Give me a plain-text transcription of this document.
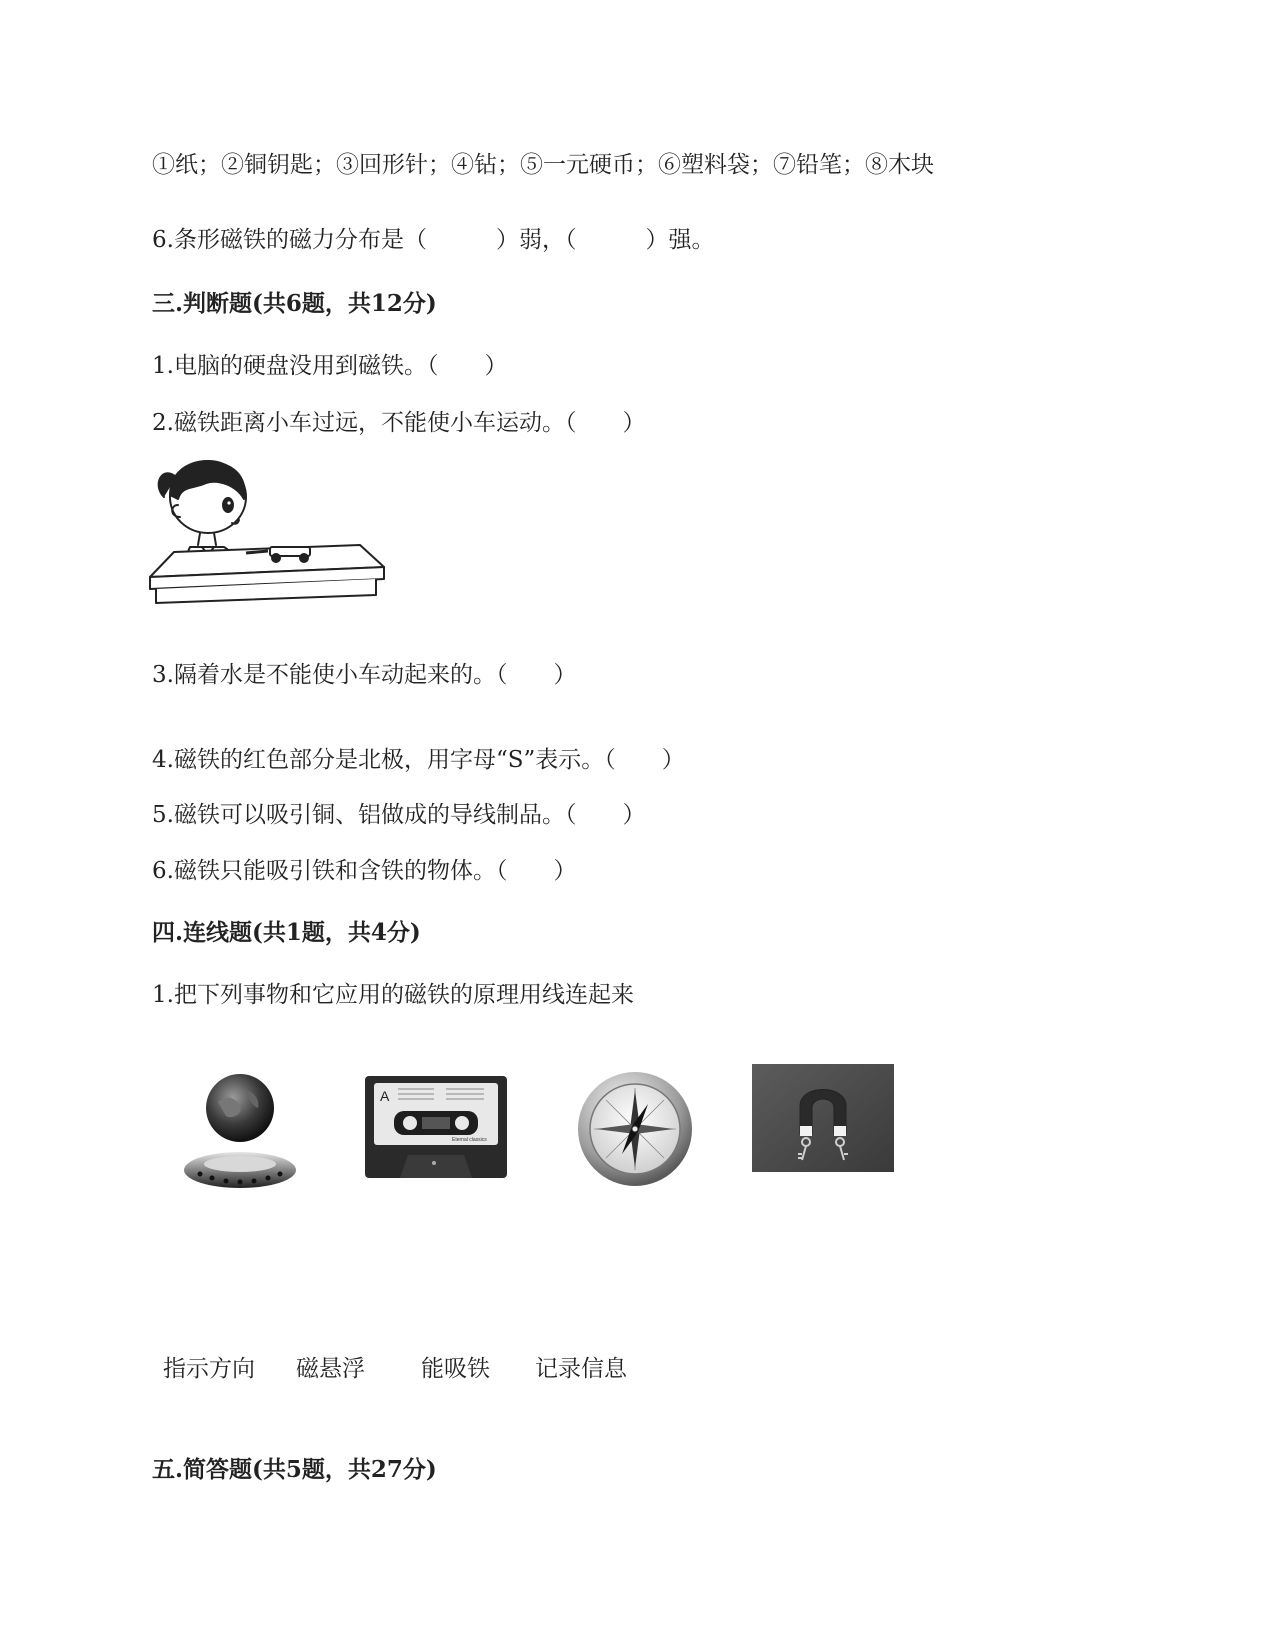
①纸；②铜钥匙；③回形针；④钻；⑤一元硬币；⑥塑料袋；⑦铅笔；⑧木块
6.条形磁铁的磁力分布是（　　　）弱，（　　　）强。
三.判断题(共6题，共12分)
1.电脑的硬盘没用到磁铁。（　　）
2.磁铁距离小车过远，不能使小车运动。（　　）
3.隔着水是不能使小车动起来的。（　　）
4.磁铁的红色部分是北极，用字母“S”表示。（　　）
5.磁铁可以吸引铜、铝做成的导线制品。（　　）
6.磁铁只能吸引铁和含铁的物体。（　　）
四.连线题(共1题，共4分)
1.把下列事物和它应用的磁铁的原理用线连起来
A
Eternal classics
指示方向 磁悬浮 能吸铁 记录信息
五.简答题(共5题，共27分)
